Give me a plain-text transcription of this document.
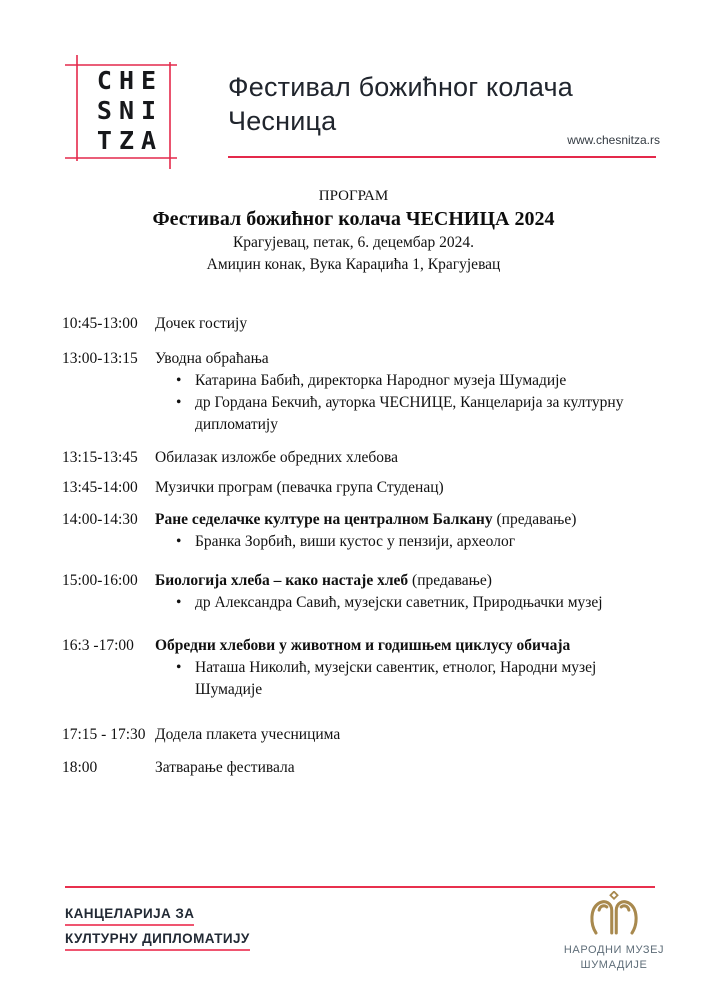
CHE
SNI
TZA
Фестивал божићног колача
Чесница
www.chesnitza.rs
ПРОГРАМ
Фестивал божићног колача ЧЕСНИЦА 2024
Крагујевац, петак, 6. децембар 2024.
Амиџин конак, Вука Караџића 1, Крагујевац
10:45-13:00	Дочек гостију
13:00-13:15	Уводна обраћања
• Катарина Бабић, директорка Народног музеја Шумадије
• др Гордана Бекчић, ауторка ЧЕСНИЦЕ, Канцеларија за културну дипломатију
13:15-13:45	Обилазак изложбе обредних хлебова
13:45-14:00	Музички програм (певачка група Студенац)
14:00-14:30	Ране седелачке културе на централном Балкану (предавање)
• Бранка Зорбић, виши кустос у пензији, археолог
15:00-16:00	Биологија хлеба – како настаје хлеб (предавање)
• др Александра Савић, музејски саветник, Природњачки музеј
16:3 -17:00	Обредни хлебови у животном и годишњем циклусу обичаја
• Наташа Николић, музејски савентик, етнолог, Народни музеј Шумадије
17:15 - 17:30 Додела плакета учесницима
18:00	Затварање фестивала
КАНЦЕЛАРИЈА ЗА
КУЛТУРНУ ДИПЛОМАТИЈУ
НАРОДНИ МУЗЕЈ
ШУМАДИЈЕ
